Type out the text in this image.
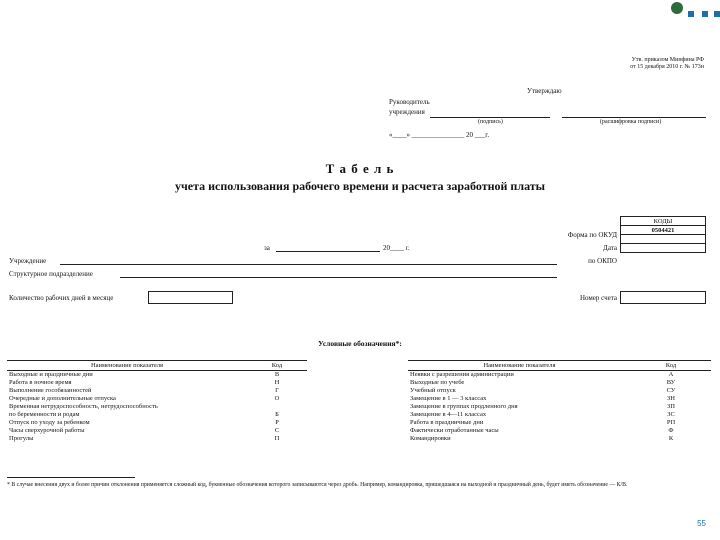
Утв. приказом Минфина РФ
от 15 декабря 2010 г. № 173н
Утверждаю
Руководитель
учреждения
(подпись)	(расшифровка подписи)
«____» _______________ 20 ___г.
Т а б е л ь
учета использования рабочего времени и расчета заработной платы
КОДЫ
0504421

Форма по ОКУД
Дата
по ОКПО
за	20____ г.
Учреждение
Структурное подразделение
Количество рабочих дней в месяце	Номер счета
Условные обозначения*:
Наименование показателя	Код
Выходные и праздничные дни	В
Работа в ночное время	Н
Выполнение гособязанностей	Г
Очередные и дополнительные отпуска	О
Временная нетрудоспособность, нетрудоспособность	
по беременности и родам	Б
Отпуск по уходу за ребенком	Р
Часы сверхурочной работы	С
Прогулы	П
Наименование показателя	Код
Неявки с разрешения администрации	А
Выходные по учебе	ВУ
Учебный отпуск	СУ
Замещение в 1 — 3 классах	ЗН
Замещение в группах продленного дня	ЗП
Замещение в 4—11 классах	ЗС
Работа в праздничные дни	РП
Фактически отработанные часы	Ф
Командировки	К
* В случае внесения двух и более причин отклонения применяется сложный код, буквенные обозначения которого записываются через дробь. Например, командировка, пришедшаяся на выходной и праздничный день, будет иметь обозначение — К/В.
55
